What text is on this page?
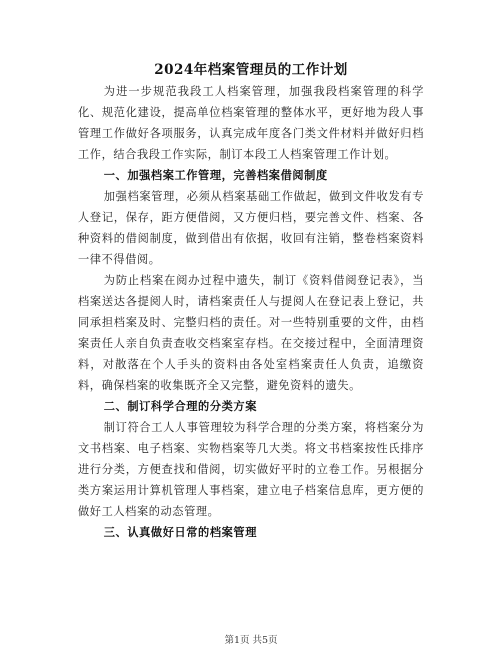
2024年档案管理员的工作计划

为进一步规范我段工人档案管理，加强我段档案管理的科学化、规范化建设，提高单位档案管理的整体水平，更好地为段人事管理工作做好各项服务，认真完成年度各门类文件材料并做好归档工作，结合我段工作实际，制订本段工人档案管理工作计划。

一、加强档案工作管理，完善档案借阅制度

加强档案管理，必须从档案基础工作做起，做到文件收发有专人登记，保存，距方便借阅，又方便归档，要完善文件、档案、各种资料的借阅制度，做到借出有依据，收回有注销，整卷档案资料一律不得借阅。

为防止档案在阅办过程中遗失，制订《资料借阅登记表》，当档案送达各提阅人时，请档案责任人与提阅人在登记表上登记，共同承担档案及时、完整归档的责任。对一些特别重要的文件，由档案责任人亲自负责查收交档案室存档。在交接过程中，全面清理资料，对散落在个人手头的资料由各处室档案责任人负责，追缴资料，确保档案的收集既齐全又完整，避免资料的遗失。

二、制订科学合理的分类方案

制订符合工人人事管理较为科学合理的分类方案，将档案分为文书档案、电子档案、实物档案等几大类。将文书档案按性氏排序进行分类，方便查找和借阅，切实做好平时的立卷工作。另根据分类方案运用计算机管理人事档案，建立电子档案信息库，更方便的做好工人档案的动态管理。

三、认真做好日常的档案管理

第1页 共5页
